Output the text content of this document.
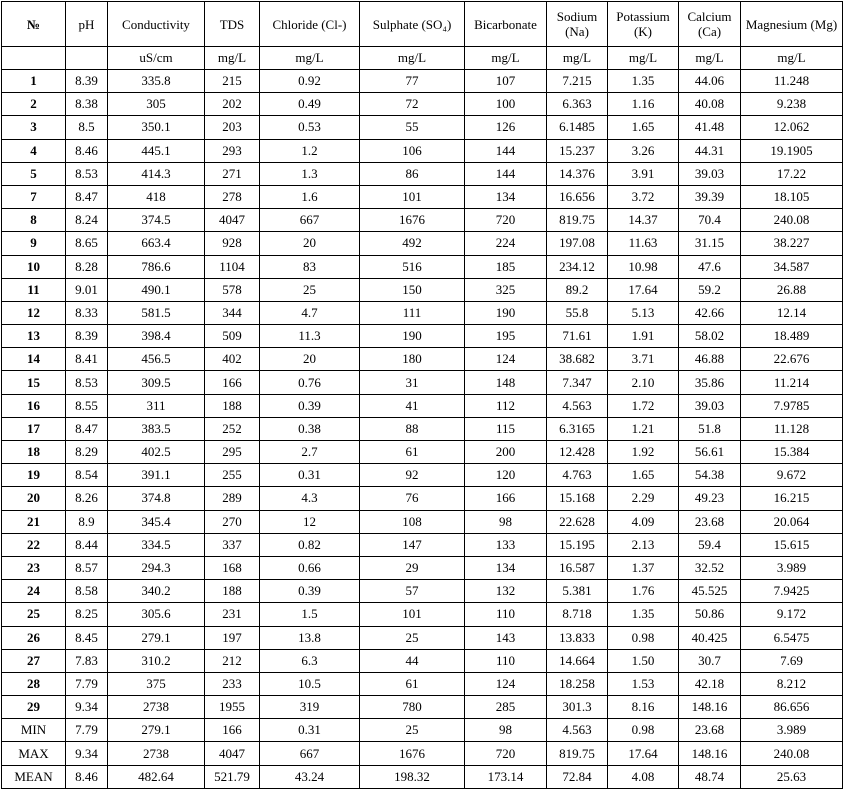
№	pH	Conductivity	TDS	Chloride (Cl-)	Sulphate (SO₄)	Bicarbonate	Sodium (Na)	Potassium (K)	Calcium (Ca)	Magnesium (Mg)
		uS/cm	mg/L	mg/L	mg/L	mg/L	mg/L	mg/L	mg/L	mg/L
1	8.39	335.8	215	0.92	77	107	7.215	1.35	44.06	11.248
2	8.38	305	202	0.49	72	100	6.363	1.16	40.08	9.238
3	8.5	350.1	203	0.53	55	126	6.1485	1.65	41.48	12.062
4	8.46	445.1	293	1.2	106	144	15.237	3.26	44.31	19.1905
5	8.53	414.3	271	1.3	86	144	14.376	3.91	39.03	17.22
7	8.47	418	278	1.6	101	134	16.656	3.72	39.39	18.105
8	8.24	374.5	4047	667	1676	720	819.75	14.37	70.4	240.08
9	8.65	663.4	928	20	492	224	197.08	11.63	31.15	38.227
10	8.28	786.6	1104	83	516	185	234.12	10.98	47.6	34.587
11	9.01	490.1	578	25	150	325	89.2	17.64	59.2	26.88
12	8.33	581.5	344	4.7	111	190	55.8	5.13	42.66	12.14
13	8.39	398.4	509	11.3	190	195	71.61	1.91	58.02	18.489
14	8.41	456.5	402	20	180	124	38.682	3.71	46.88	22.676
15	8.53	309.5	166	0.76	31	148	7.347	2.10	35.86	11.214
16	8.55	311	188	0.39	41	112	4.563	1.72	39.03	7.9785
17	8.47	383.5	252	0.38	88	115	6.3165	1.21	51.8	11.128
18	8.29	402.5	295	2.7	61	200	12.428	1.92	56.61	15.384
19	8.54	391.1	255	0.31	92	120	4.763	1.65	54.38	9.672
20	8.26	374.8	289	4.3	76	166	15.168	2.29	49.23	16.215
21	8.9	345.4	270	12	108	98	22.628	4.09	23.68	20.064
22	8.44	334.5	337	0.82	147	133	15.195	2.13	59.4	15.615
23	8.57	294.3	168	0.66	29	134	16.587	1.37	32.52	3.989
24	8.58	340.2	188	0.39	57	132	5.381	1.76	45.525	7.9425
25	8.25	305.6	231	1.5	101	110	8.718	1.35	50.86	9.172
26	8.45	279.1	197	13.8	25	143	13.833	0.98	40.425	6.5475
27	7.83	310.2	212	6.3	44	110	14.664	1.50	30.7	7.69
28	7.79	375	233	10.5	61	124	18.258	1.53	42.18	8.212
29	9.34	2738	1955	319	780	285	301.3	8.16	148.16	86.656
MIN	7.79	279.1	166	0.31	25	98	4.563	0.98	23.68	3.989
MAX	9.34	2738	4047	667	1676	720	819.75	17.64	148.16	240.08
MEAN	8.46	482.64	521.79	43.24	198.32	173.14	72.84	4.08	48.74	25.63
